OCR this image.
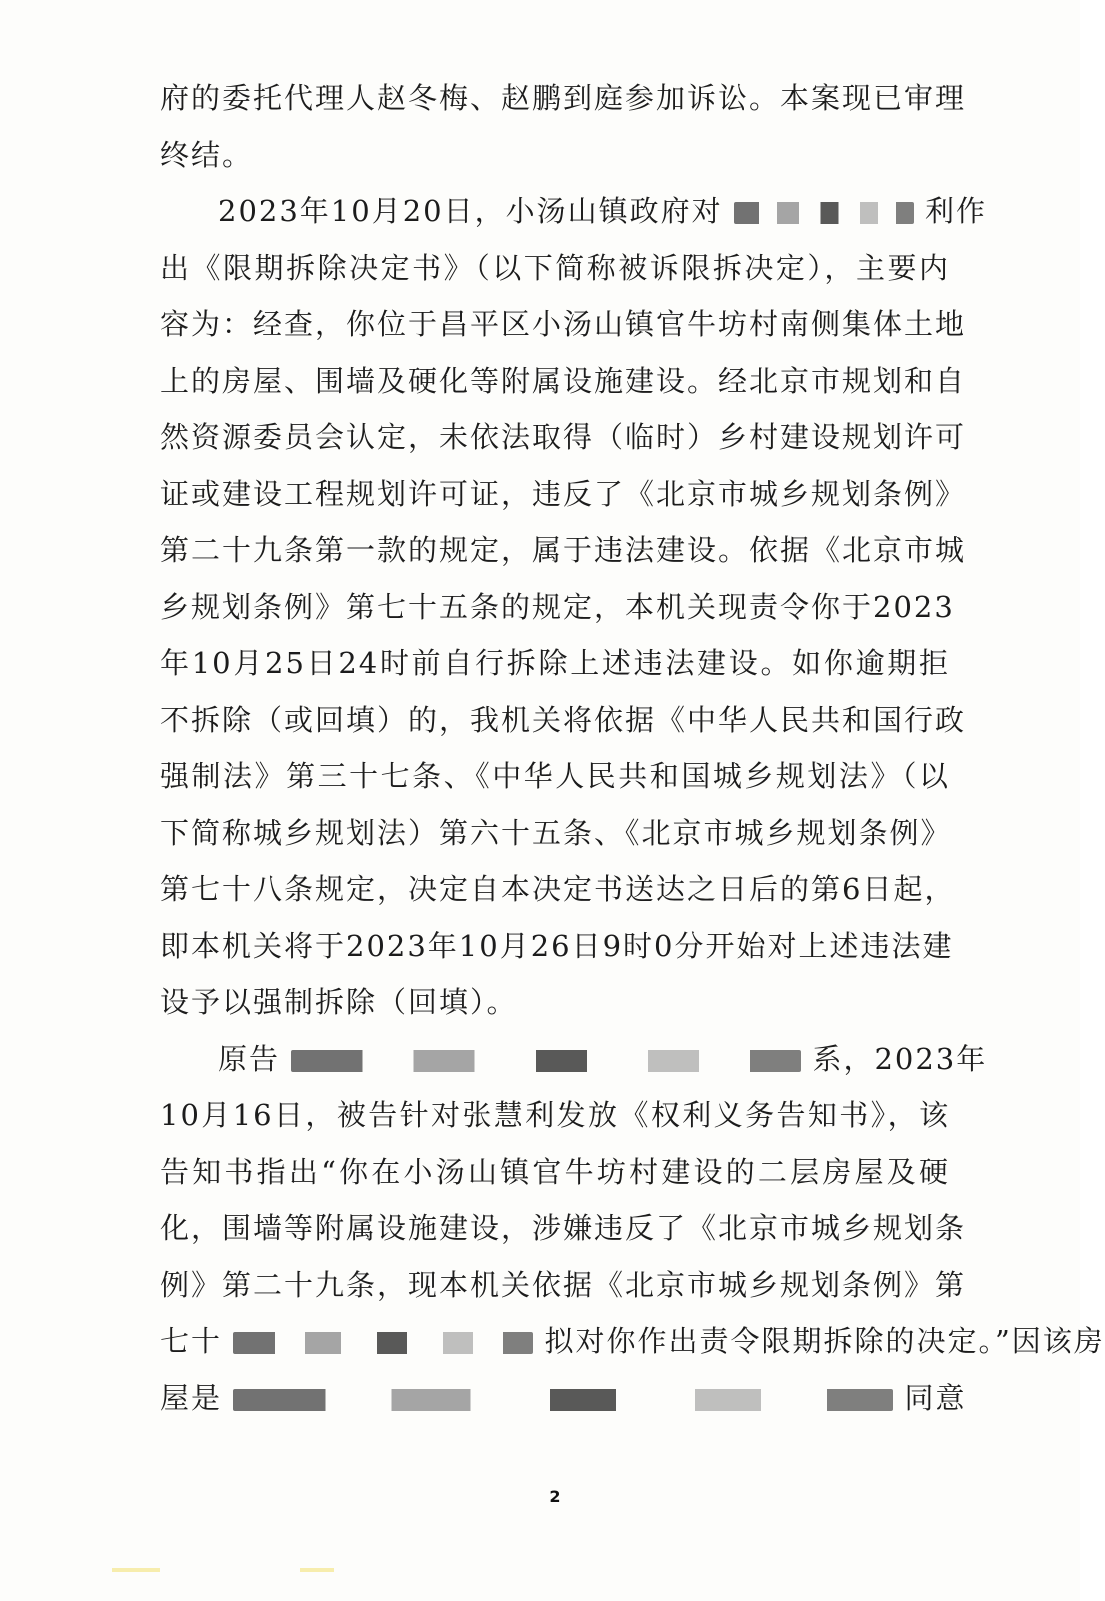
府的委托代理人赵冬梅、赵鹏到庭参加诉讼。本案现已审理
终结。
2023年10月20日，小汤山镇政府对	利作
出《限期拆除决定书》（以下简称被诉限拆决定），主要内
容为：经查，你位于昌平区小汤山镇官牛坊村南侧集体土地
上的房屋、围墙及硬化等附属设施建设。经北京市规划和自
然资源委员会认定，未依法取得（临时）乡村建设规划许可
证或建设工程规划许可证，违反了《北京市城乡规划条例》
第二十九条第一款的规定，属于违法建设。依据《北京市城
乡规划条例》第七十五条的规定，本机关现责令你于2023
年10月25日24时前自行拆除上述违法建设。如你逾期拒
不拆除（或回填）的，我机关将依据《中华人民共和国行政
强制法》第三十七条、《中华人民共和国城乡规划法》（以
下简称城乡规划法）第六十五条、《北京市城乡规划条例》
第七十八条规定，决定自本决定书送达之日后的第6日起，
即本机关将于2023年10月26日9时0分开始对上述违法建
设予以强制拆除（回填）。
原告	系，2023年
10月16日，被告针对张慧利发放《权利义务告知书》，该
告知书指出“你在小汤山镇官牛坊村建设的二层房屋及硬
化，围墙等附属设施建设，涉嫌违反了《北京市城乡规划条
例》第二十九条，现本机关依据《北京市城乡规划条例》第
七十	拟对你作出责令限期拆除的决定。”因该房
屋是	同意
2
